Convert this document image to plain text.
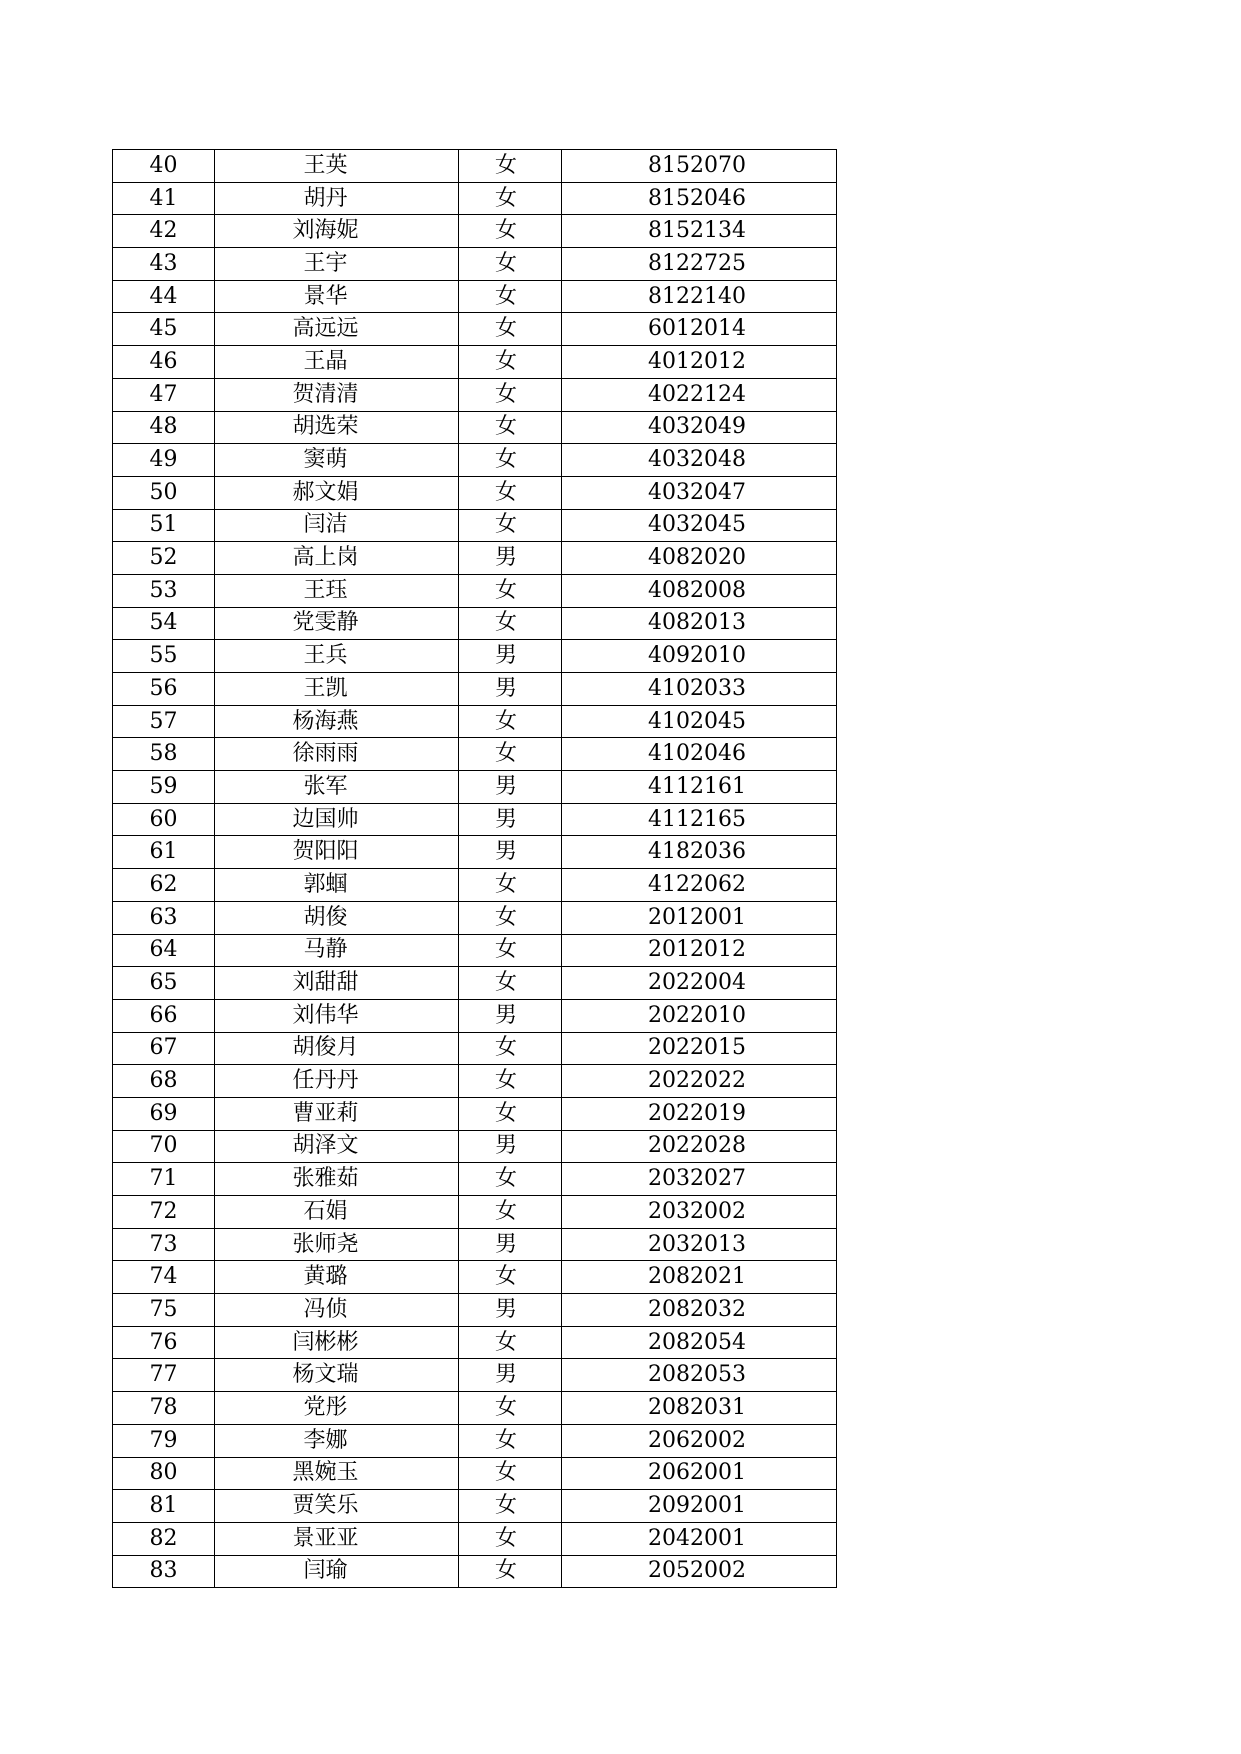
40	王英	女	8152070
41	胡丹	女	8152046
42	刘海妮	女	8152134
43	王宇	女	8122725
44	景华	女	8122140
45	高远远	女	6012014
46	王晶	女	4012012
47	贺清清	女	4022124
48	胡选荣	女	4032049
49	窦萌	女	4032048
50	郝文娟	女	4032047
51	闫洁	女	4032045
52	高上岗	男	4082020
53	王珏	女	4082008
54	党雯静	女	4082013
55	王兵	男	4092010
56	王凯	男	4102033
57	杨海燕	女	4102045
58	徐雨雨	女	4102046
59	张军	男	4112161
60	边国帅	男	4112165
61	贺阳阳	男	4182036
62	郭蝈	女	4122062
63	胡俊	女	2012001
64	马静	女	2012012
65	刘甜甜	女	2022004
66	刘伟华	男	2022010
67	胡俊月	女	2022015
68	任丹丹	女	2022022
69	曹亚莉	女	2022019
70	胡泽文	男	2022028
71	张雅茹	女	2032027
72	石娟	女	2032002
73	张师尧	男	2032013
74	黄璐	女	2082021
75	冯侦	男	2082032
76	闫彬彬	女	2082054
77	杨文瑞	男	2082053
78	党彤	女	2082031
79	李娜	女	2062002
80	黑婉玉	女	2062001
81	贾笑乐	女	2092001
82	景亚亚	女	2042001
83	闫瑜	女	2052002
